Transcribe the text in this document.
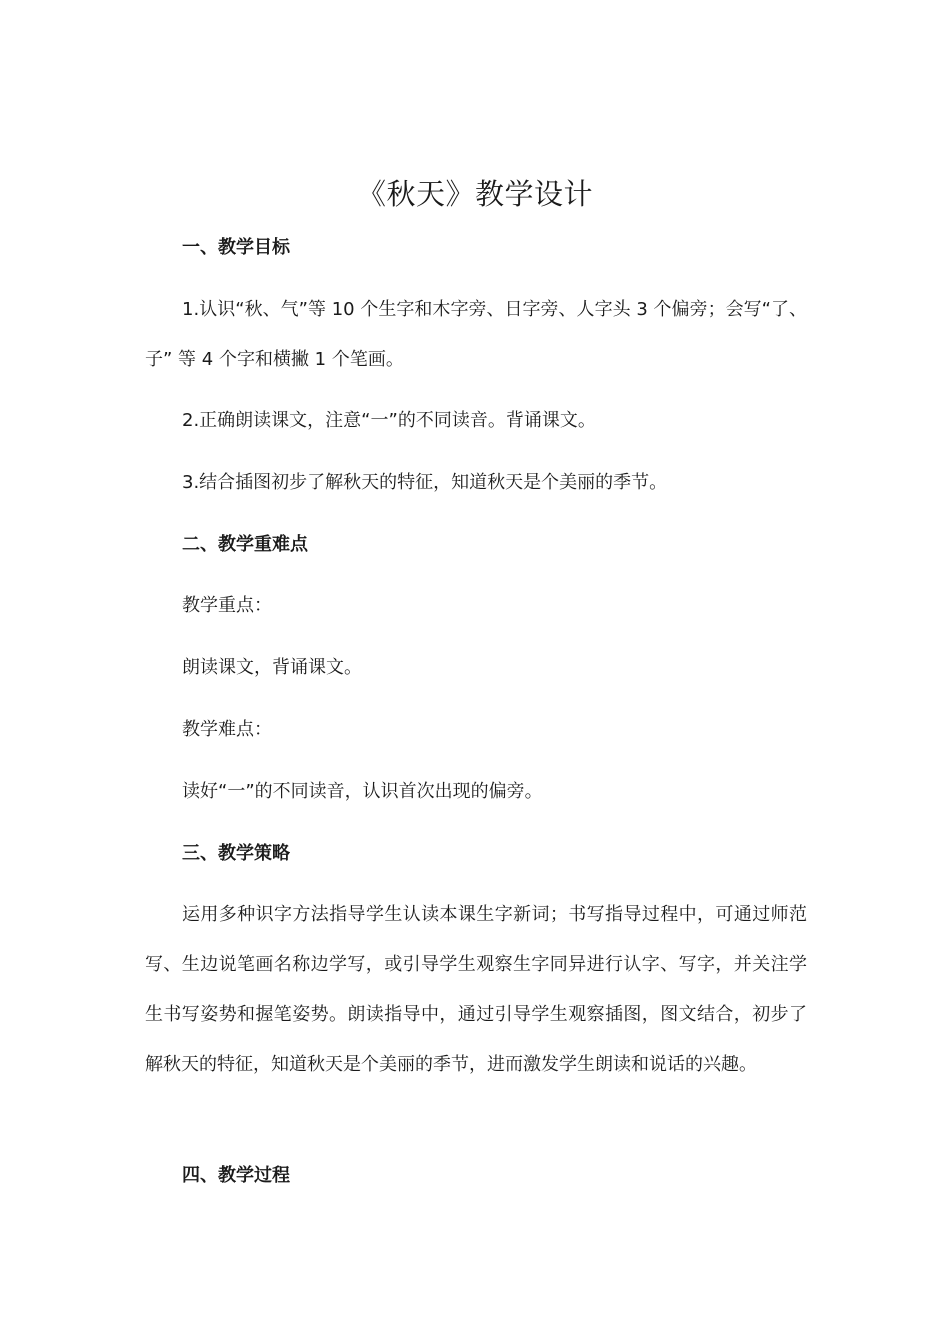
《秋天》教学设计
一、教学目标

1.认识“秋、气”等 10 个生字和木字旁、日字旁、人字头 3 个偏旁；会写“了、子” 等 4 个字和横撇 1 个笔画。

2.正确朗读课文，注意“一”的不同读音。背诵课文。

3.结合插图初步了解秋天的特征，知道秋天是个美丽的季节。

二、教学重难点

教学重点：

朗读课文，背诵课文。

教学难点：

读好“一”的不同读音，认识首次出现的偏旁。

三、教学策略

运用多种识字方法指导学生认读本课生字新词；书写指导过程中，可通过师范写、生边说笔画名称边学写，或引导学生观察生字同异进行认字、写字，并关注学生书写姿势和握笔姿势。朗读指导中，通过引导学生观察插图，图文结合，初步了解秋天的特征，知道秋天是个美丽的季节，进而激发学生朗读和说话的兴趣。

四、教学过程
